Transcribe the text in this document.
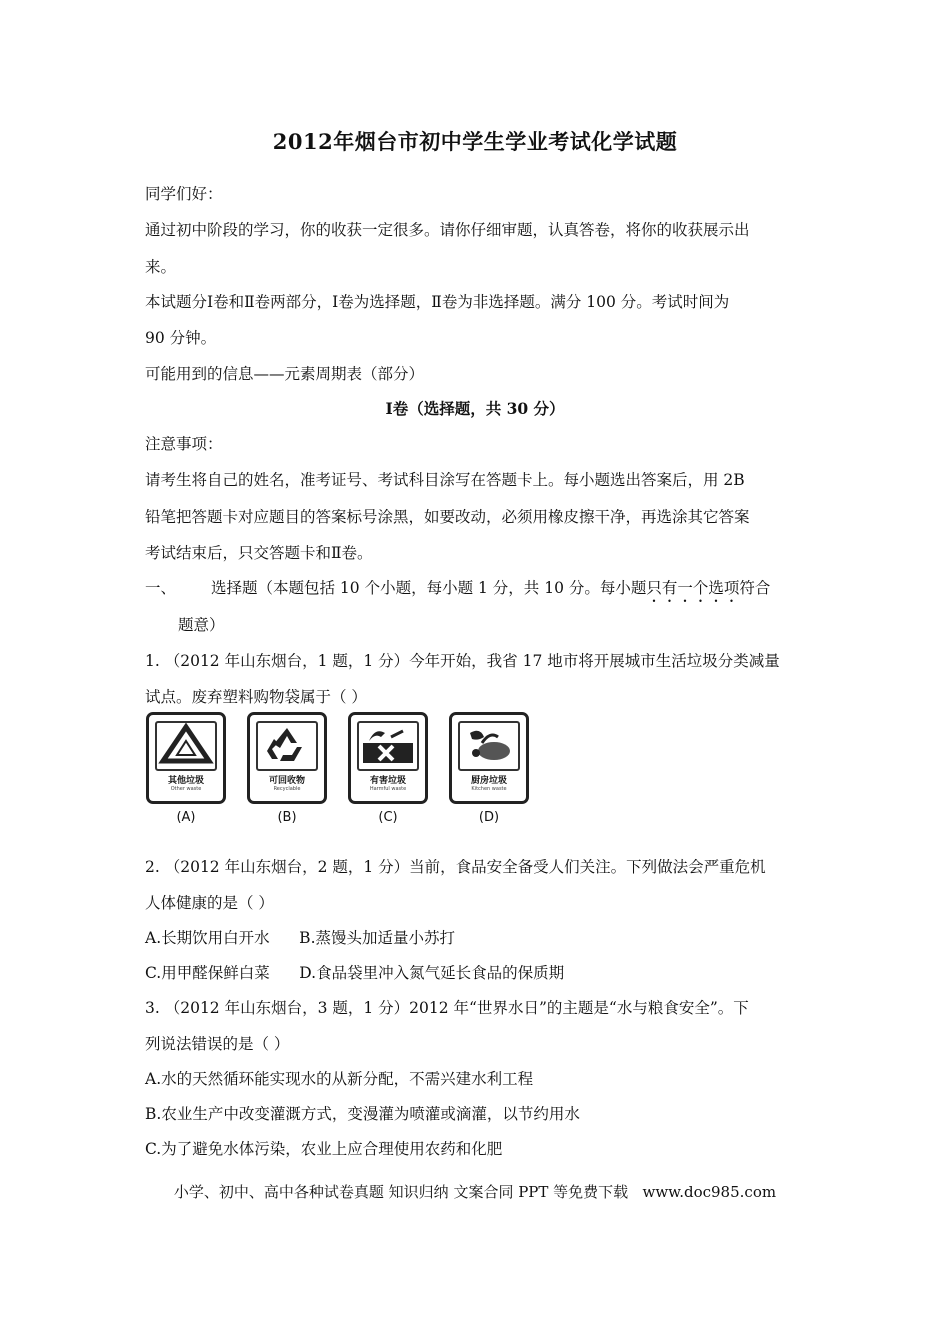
2012年烟台市初中学生学业考试化学试题
同学们好：
通过初中阶段的学习，你的收获一定很多。请你仔细审题，认真答卷，将你的收获展示出
来。
本试题分Ⅰ卷和Ⅱ卷两部分，Ⅰ卷为选择题，Ⅱ卷为非选择题。满分 100 分。考试时间为
90 分钟。
可能用到的信息——元素周期表（部分）
Ⅰ卷（选择题，共 30 分）
注意事项：
请考生将自己的姓名，准考证号、考试科目涂写在答题卡上。每小题选出答案后，用 2B
铅笔把答题卡对应题目的答案标号涂黑，如要改动，必须用橡皮擦干净，再选涂其它答案
考试结束后，只交答题卡和Ⅱ卷。
一、 选择题（本题包括 10 个小题，每小题 1 分，共 10 分。每小题只有一个选项符合
题意）
1. （2012 年山东烟台，1 题，1 分）今年开始，我省 17 地市将开展城市生活垃圾分类减量
试点。废弃塑料购物袋属于（ ）
其他垃圾
Other waste
(A)
可回收物
Recyclable
(B)
有害垃圾
Harmful waste
(C)
厨房垃圾
Kitchen waste
(D)
2. （2012 年山东烟台，2 题，1 分）当前，食品安全备受人们关注。下列做法会严重危机
人体健康的是（ ）
A.长期饮用白开水      B.蒸馒头加适量小苏打
C.用甲醛保鲜白菜      D.食品袋里冲入氮气延长食品的保质期
3. （2012 年山东烟台，3 题，1 分）2012 年“世界水日”的主题是“水与粮食安全”。下
列说法错误的是（ ）
A.水的天然循环能实现水的从新分配，不需兴建水利工程
B.农业生产中改变灌溉方式，变漫灌为喷灌或滴灌，以节约用水
C.为了避免水体污染，农业上应合理使用农药和化肥
小学、初中、高中各种试卷真题 知识归纳 文案合同 PPT 等免费下载   www.doc985.com
